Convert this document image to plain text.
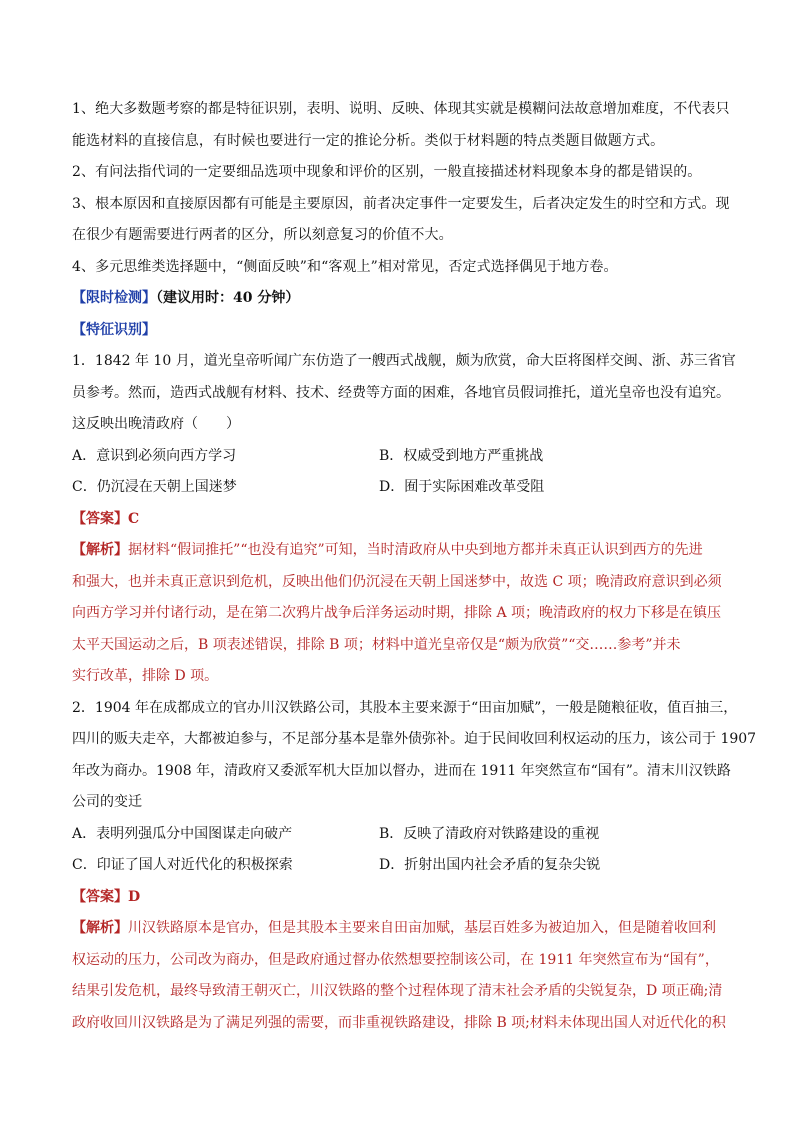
1、绝大多数题考察的都是特征识别，表明、说明、反映、体现其实就是模糊问法故意增加难度，不代表只
能选材料的直接信息，有时候也要进行一定的推论分析。类似于材料题的特点类题目做题方式。
2、有问法指代词的一定要细品选项中现象和评价的区别，一般直接描述材料现象本身的都是错误的。
3、根本原因和直接原因都有可能是主要原因，前者决定事件一定要发生，后者决定发生的时空和方式。现
在很少有题需要进行两者的区分，所以刻意复习的价值不大。
4、多元思维类选择题中，“侧面反映”和“客观上”相对常见，否定式选择偶见于地方卷。
【限时检测】（建议用时：40 分钟）
【特征识别】
1．1842 年 10 月，道光皇帝听闻广东仿造了一艘西式战舰，颇为欣赏，命大臣将图样交闽、浙、苏三省官
员参考。然而，造西式战舰有材料、技术、经费等方面的困难，各地官员假词推托，道光皇帝也没有追究。
这反映出晚清政府（　　）
A．意识到必须向西方学习	B．权威受到地方严重挑战
C．仍沉浸在天朝上国迷梦	D．囿于实际困难改革受阻
【答案】C
【解析】据材料“假词推托”“也没有追究”可知，当时清政府从中央到地方都并未真正认识到西方的先进
和强大，也并未真正意识到危机，反映出他们仍沉浸在天朝上国迷梦中，故选 C 项；晚清政府意识到必须
向西方学习并付诸行动，是在第二次鸦片战争后洋务运动时期，排除 A 项；晚清政府的权力下移是在镇压
太平天国运动之后，B 项表述错误，排除 B 项；材料中道光皇帝仅是“颇为欣赏”“交……参考”并未
实行改革，排除 D 项。
2．1904 年在成都成立的官办川汉铁路公司，其股本主要来源于“田亩加赋”，一般是随粮征收，值百抽三，
四川的贩夫走卒，大都被迫参与，不足部分基本是靠外债弥补。迫于民间收回利权运动的压力，该公司于 1907
年改为商办。1908 年，清政府又委派军机大臣加以督办，进而在 1911 年突然宣布“国有”。清末川汉铁路
公司的变迁
A．表明列强瓜分中国图谋走向破产	B．反映了清政府对铁路建设的重视
C．印证了国人对近代化的积极探索	D．折射出国内社会矛盾的复杂尖锐
【答案】D
【解析】川汉铁路原本是官办，但是其股本主要来自田亩加赋，基层百姓多为被迫加入，但是随着收回利
权运动的压力，公司改为商办，但是政府通过督办依然想要控制该公司，在 1911 年突然宣布为“国有”，
结果引发危机，最终导致清王朝灭亡，川汉铁路的整个过程体现了清末社会矛盾的尖锐复杂，D 项正确;清
政府收回川汉铁路是为了满足列强的需要，而非重视铁路建设，排除 B 项;材料未体现出国人对近代化的积
